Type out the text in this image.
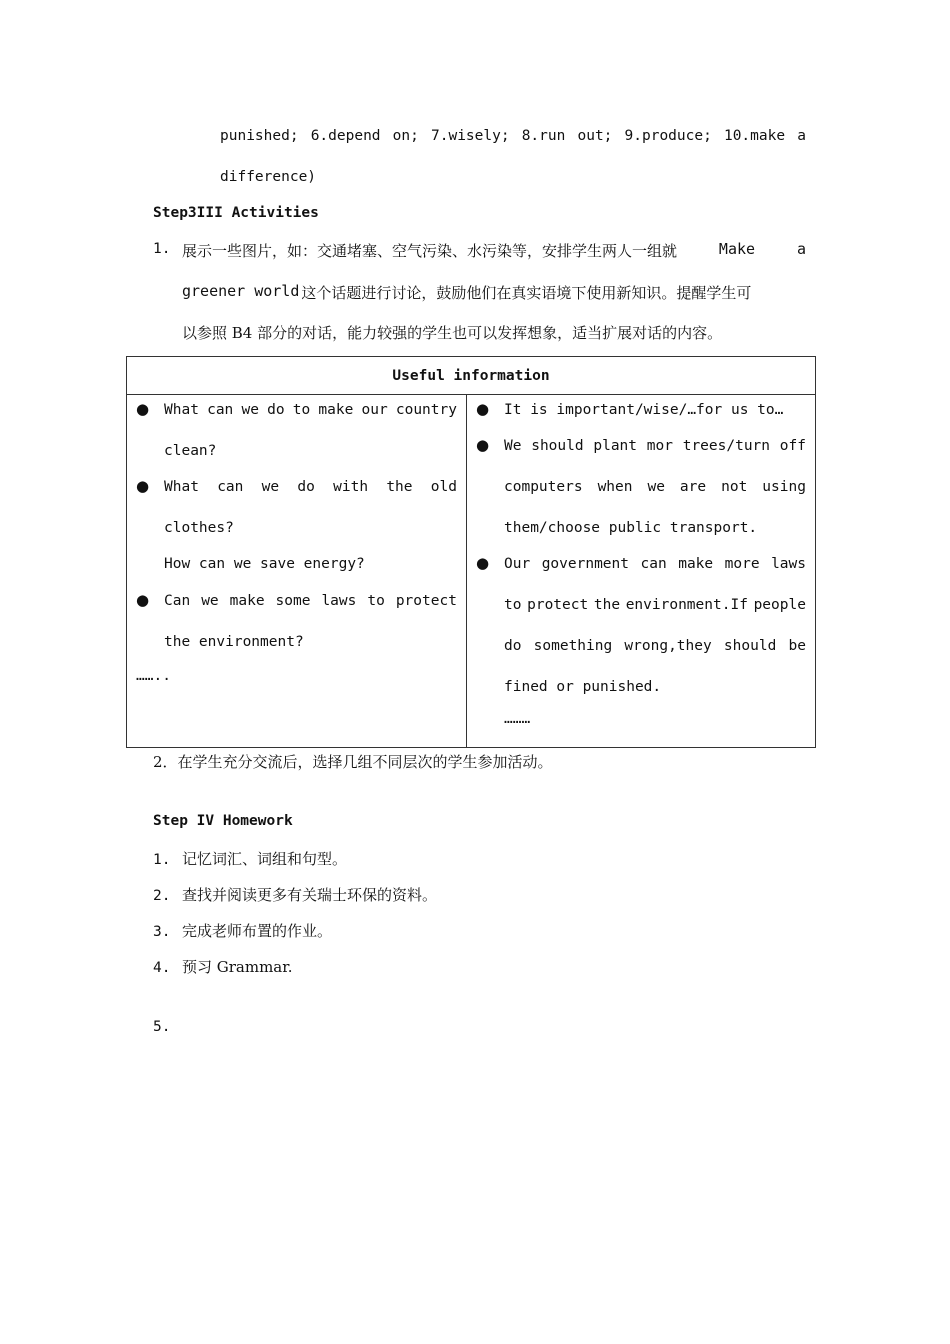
punished; 6.depend on; 7.wisely; 8.run out; 9.produce; 10.make a
difference)
Step3III Activities
1. 展示一些图片，如：交通堵塞、空气污染、水污染等，安排学生两人一组就	Make	a
greener world 这个话题进行讨论，鼓励他们在真实语境下使用新知识。提醒学生可
以参照 B4 部分的对话，能力较强的学生也可以发挥想象，适当扩展对话的内容。
Useful information

● What can we do to make our country
clean?
● What can we do with the old
clothes?
How can we save energy?
● Can we make some laws to protect
the environment?
……..

● It is important/wise/…for us to…
● We should plant mor trees/turn off
computers when we are not using
them/choose public transport.
● Our government can make more laws
to protect the environment.If people
do something wrong,they should be
fined or punished.
………
2．在学生充分交流后，选择几组不同层次的学生参加活动。
Step IV Homework
1. 记忆词汇、词组和句型。
2. 查找并阅读更多有关瑞士环保的资料。
3. 完成老师布置的作业。
4. 预习 Grammar.
5.
